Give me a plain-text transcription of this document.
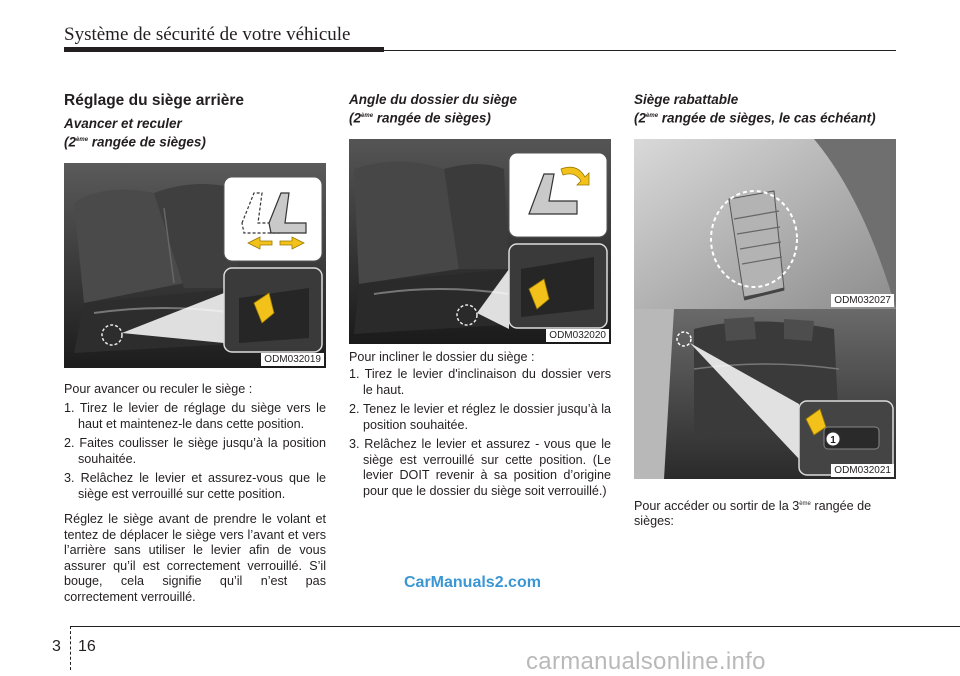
Système de sécurité de votre véhicule
Réglage du siège arrière
Avancer et reculer
(2ème rangée de sièges)
ODM032019

Pour avancer ou reculer le siège :

1. Tirez le levier de réglage du siège vers le haut et maintenez-le dans cette position.
2. Faites coulisser le siège jusqu’à la position souhaitée.
3. Relâchez le levier et assurez-vous que le siège est verrouillé sur cette position.

Réglez le siège avant de prendre le volant et tentez de déplacer le siège vers l’avant et vers l’arrière sans utiliser le levier afin de vous assurer qu’il est correctement verrouillé. S’il bouge, cela signifie qu’il n’est pas correctement verrouillé.

Angle du dossier du siège
(2ème rangée de sièges)
ODM032020

Pour incliner le dossier du siège :

1. Tirez le levier d'inclinaison du dossier vers le haut.
2. Tenez le levier et réglez le dossier jusqu’à la position souhaitée.
3. Relâchez le levier et assurez - vous que le siège est verrouillé sur cette position. (Le levier DOIT revenir à sa position d’origine pour que le dossier du siège soit verrouillé.)
Siège rabattable
(2ème rangée de sièges, le cas échéant)
ODM032027
1
ODM032021

Pour accéder ou sortir de la 3ème rangée de sièges:

CarManuals2.com
3 16
carmanualsonline.info
